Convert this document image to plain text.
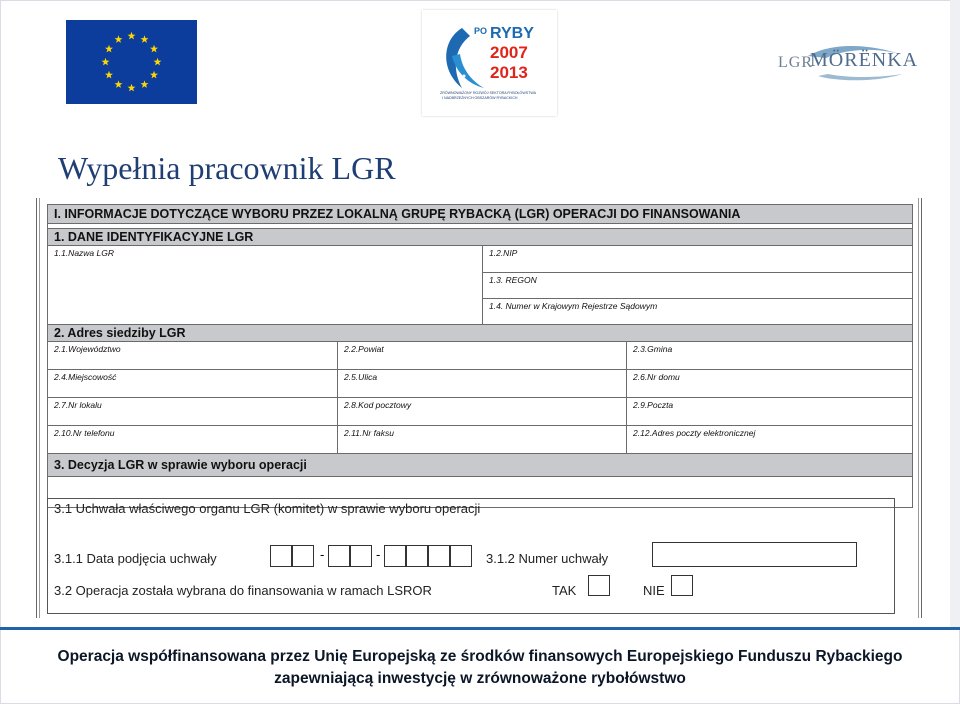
PO RYBY
2007
2013
ZRÓWNOWAŻONY ROZWÓJ SEKTORA RYBOŁÓWSTWA
I NADBRZEŻNYCH OBSZARÓW RYBACKICH
LGR
MÖRËNKA
Wypełnia pracownik LGR
I. INFORMACJE DOTYCZĄCE WYBORU PRZEZ LOKALNĄ GRUPĘ RYBACKĄ (LGR) OPERACJI DO FINANSOWANIA
1. DANE IDENTYFIKACYJNE LGR
1.1.Nazwa LGR	1.2.NIP
1.3. REGON
1.4. Numer w Krajowym Rejestrze Sądowym
2. Adres siedziby LGR
2.1.Województwo	2.2.Powiat	2.3.Gmina
2.4.Miejscowość	2.5.Ulica	2.6.Nr domu
2.7.Nr lokalu	2.8.Kod pocztowy	2.9.Poczta
2.10.Nr telefonu	2.11.Nr faksu	2.12.Adres poczty elektronicznej
3. Decyzja LGR w sprawie wyboru operacji
3.1 Uchwała właściwego organu LGR (komitet) w sprawie wyboru operacji
3.1.1 Data podjęcia uchwały	-	-	3.1.2 Numer uchwały
3.2 Operacja została wybrana do finansowania w ramach LSROR	TAK	NIE
Operacja współfinansowana przez Unię Europejską ze środków finansowych Europejskiego Funduszu Rybackiego
zapewniającą inwestycję w zrównoważone rybołówstwo
